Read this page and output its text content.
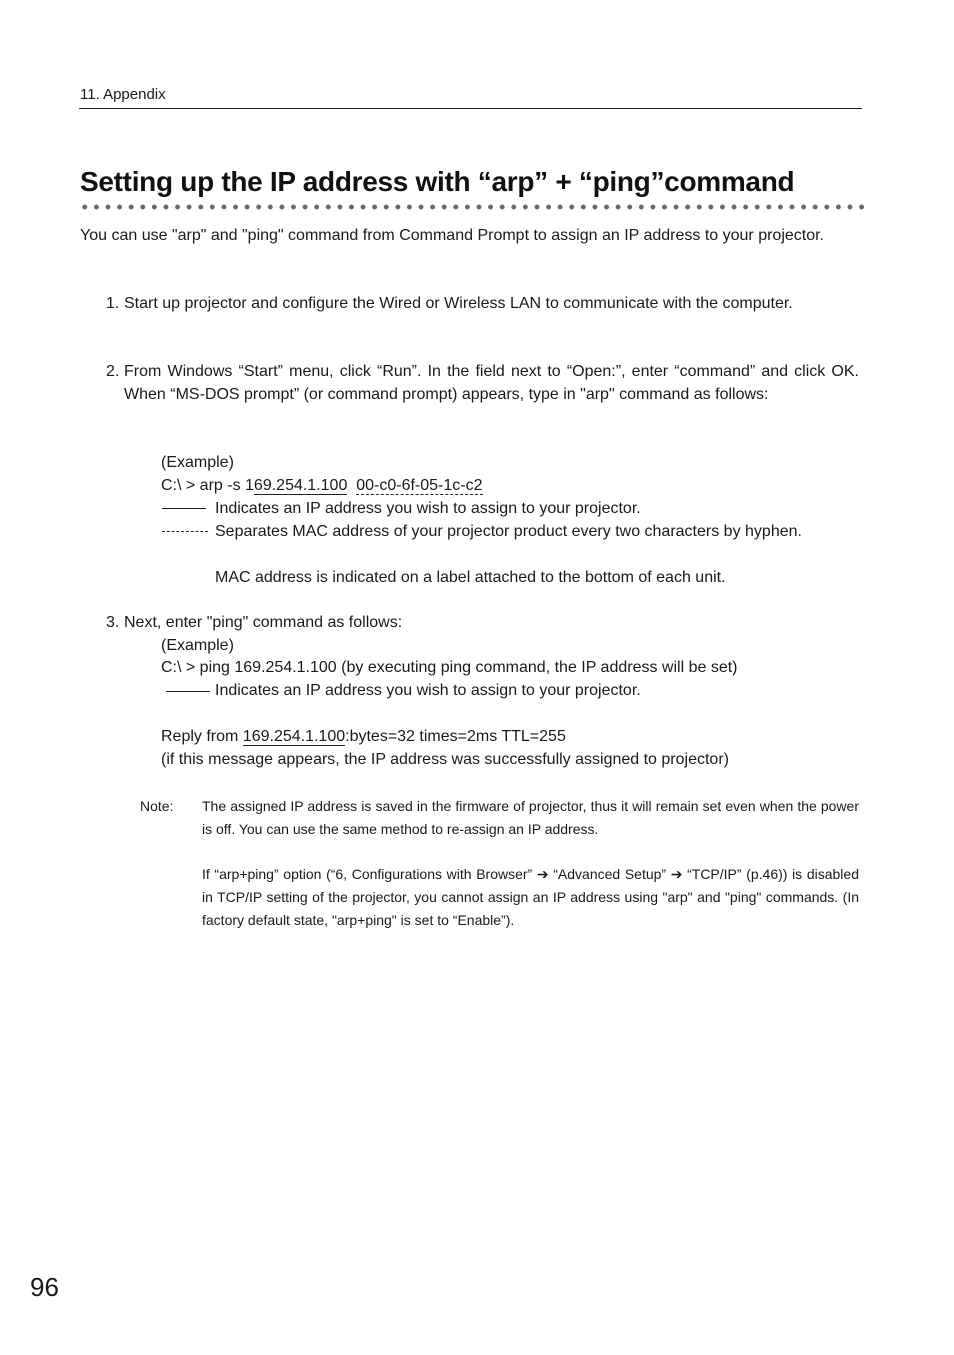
11. Appendix
Setting up the IP address with “arp” + “ping”command
You can use "arp" and "ping" command from Command Prompt to assign an IP address to your projector.
1. Start up projector and configure the Wired or Wireless LAN to communicate with the computer.
2. From Windows “Start” menu, click “Run”. In the field next to “Open:”, enter “command” and click OK. When “MS-DOS prompt” (or command prompt) appears, type in "arp" command as follows:
(Example)
C:\ > arp -s 169.254.1.100 00-c0-6f-05-1c-c2
Indicates an IP address you wish to assign to your projector.
Separates MAC address of your projector product every two characters by hyphen.
MAC address is indicated on a label attached to the bottom of each unit.
3. Next, enter "ping" command as follows:
(Example)
C:\ > ping 169.254.1.100 (by executing ping command, the IP address will be set)
Indicates an IP address you wish to assign to your projector.
Reply from 169.254.1.100:bytes=32 times=2ms TTL=255
(if this message appears, the IP address was successfully assigned to projector)
Note: The assigned IP address is saved in the firmware of projector, thus it will remain set even when the power is off. You can use the same method to re-assign an IP address.
If “arp+ping” option (“6, Configurations with Browser” ➔ “Advanced Setup” ➔ “TCP/IP” (p.46)) is disabled in TCP/IP setting of the projector, you cannot assign an IP address using "arp" and "ping" commands. (In factory default state, "arp+ping" is set to “Enable”).
96
